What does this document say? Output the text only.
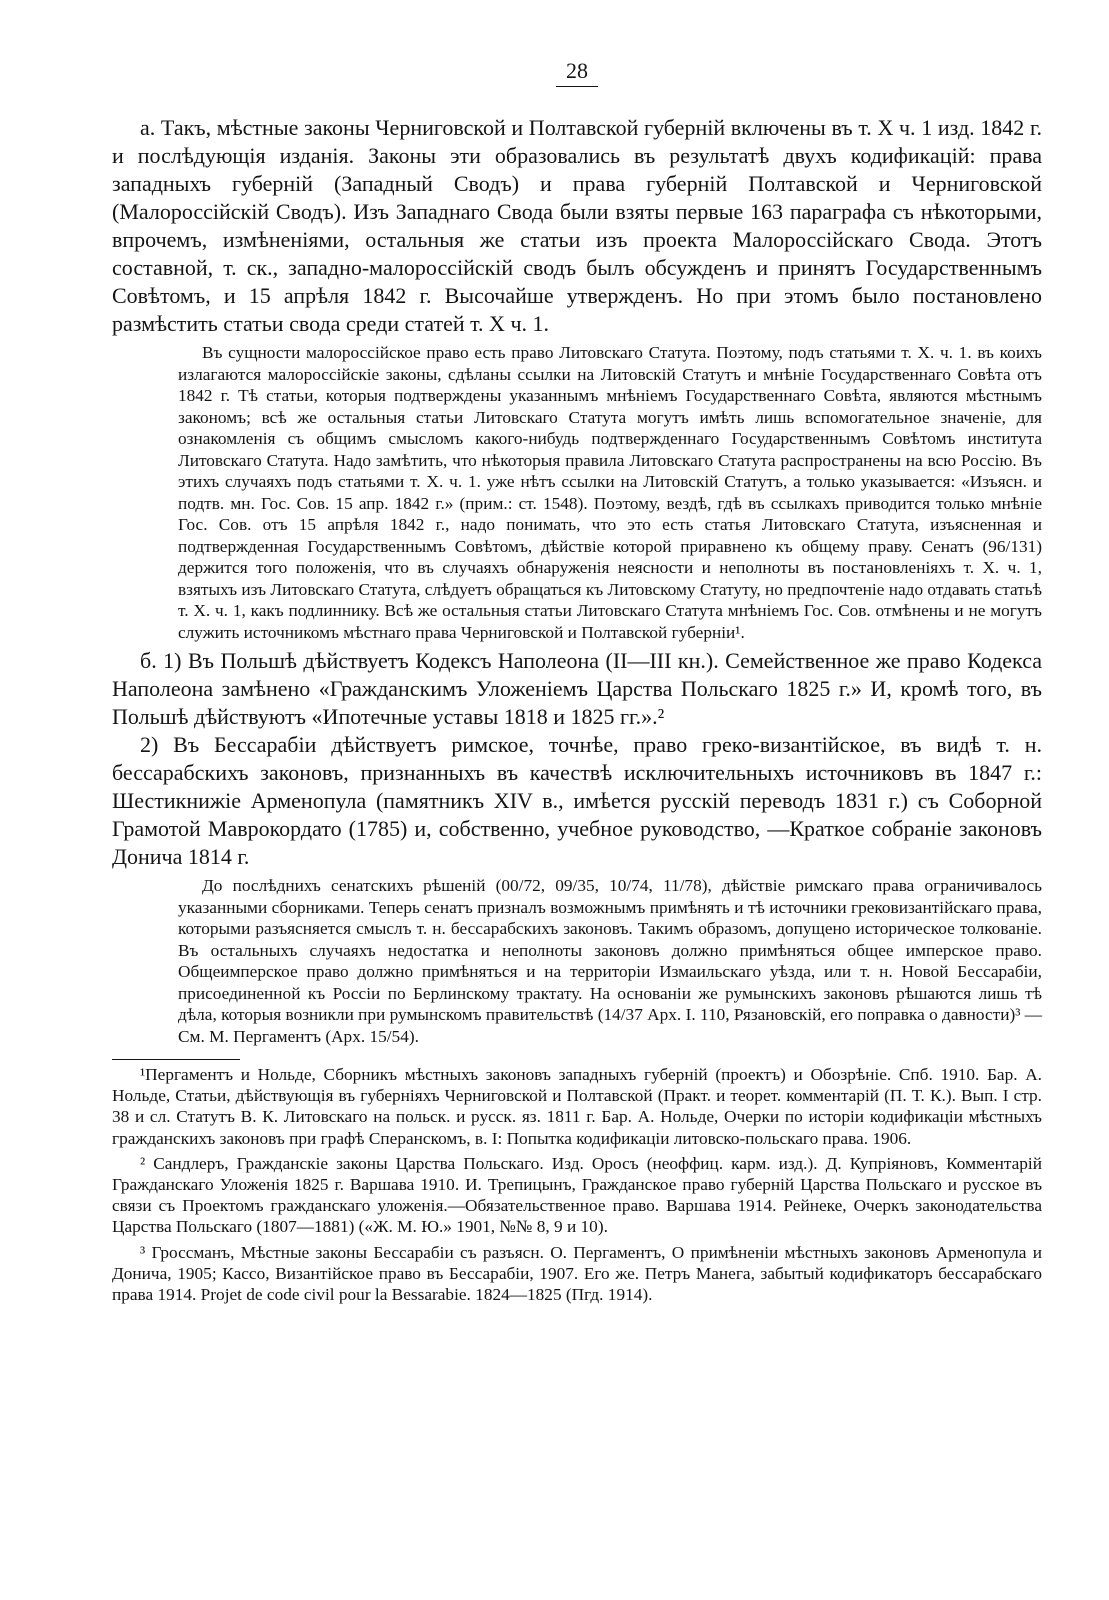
28

а. Такъ, мѣстные законы Черниговской и Полтавской губерній включены въ т. X ч. 1 изд. 1842 г. и послѣдующія изданія. Законы эти образовались въ результатѣ двухъ кодификацій: права западныхъ губерній (Западный Сводъ) и права губерній Полтавской и Черниговской (Малороссійскій Сводъ). Изъ Западнаго Свода были взяты первые 163 параграфа съ нѣкоторыми, впрочемъ, измѣненіями, остальныя же статьи изъ проекта Малороссійскаго Свода. Этотъ составной, т. ск., западно-малороссійскій сводъ былъ обсужденъ и принятъ Государственнымъ Совѣтомъ, и 15 апрѣля 1842 г. Высочайше утвержденъ. Но при этомъ было постановлено размѣстить статьи свода среди статей т. X ч. 1.

Въ сущности малороссійское право есть право Литовскаго Статута. Поэтому, подъ статьями т. X. ч. 1. въ коихъ излагаются малороссійскіе законы, сдѣланы ссылки на Литовскій Статутъ и мнѣніе Государственнаго Совѣта отъ 1842 г. Тѣ статьи, которыя подтверждены указаннымъ мнѣніемъ Государственнаго Совѣта, являются мѣстнымъ закономъ; всѣ же остальныя статьи Литовскаго Статута могутъ имѣть лишь вспомогательное значеніе, для ознакомленія съ общимъ смысломъ какого-нибудь подтвержденнаго Государственнымъ Совѣтомъ института Литовскаго Статута. Надо замѣтить, что нѣкоторыя правила Литовскаго Статута распространены на всю Россію. Въ этихъ случаяхъ подъ статьями т. X. ч. 1. уже нѣтъ ссылки на Литовскій Статутъ, а только указывается: «Изъясн. и подтв. мн. Гос. Сов. 15 апр. 1842 г.» (прим.: ст. 1548). Поэтому, вездѣ, гдѣ въ ссылкахъ приводится только мнѣніе Гос. Сов. отъ 15 апрѣля 1842 г., надо понимать, что это есть статья Литовскаго Статута, изъясненная и подтвержденная Государственнымъ Совѣтомъ, дѣйствіе которой приравнено къ общему праву. Сенатъ (96/131) держится того положенія, что въ случаяхъ обнаруженія неясности и неполноты въ постановленіяхъ т. X. ч. 1, взятыхъ изъ Литовскаго Статута, слѣдуетъ обращаться къ Литовскому Статуту, но предпочтеніе надо отдавать статьѣ т. X. ч. 1, какъ подлиннику. Всѣ же остальныя статьи Литовскаго Статута мнѣніемъ Гос. Сов. отмѣнены и не могутъ служить источникомъ мѣстнаго права Черниговской и Полтавской губерніи¹.

б. 1) Въ Польшѣ дѣйствуетъ Кодексъ Наполеона (II—III кн.). Семейственное же право Кодекса Наполеона замѣнено «Гражданскимъ Уложеніемъ Царства Польскаго 1825 г.» И, кромѣ того, въ Польшѣ дѣйствуютъ «Ипотечные уставы 1818 и 1825 гг.».²

2) Въ Бессарабіи дѣйствуетъ римское, точнѣе, право греко-византійское, въ видѣ т. н. бессарабскихъ законовъ, признанныхъ въ качествѣ исключительныхъ источниковъ въ 1847 г.: Шестикнижіе Арменопула (памятникъ XIV в., имѣется русскій переводъ 1831 г.) съ Соборной Грамотой Маврокордато (1785) и, собственно, учебное руководство, —Краткое собраніе законовъ Донича 1814 г.

До послѣднихъ сенатскихъ рѣшеній (00/72, 09/35, 10/74, 11/78), дѣйствіе римскаго права ограничивалось указанными сборниками. Теперь сенатъ призналъ возможнымъ примѣнять и тѣ источники грековизантійскаго права, которыми разъясняется смыслъ т. н. бессарабскихъ законовъ. Такимъ образомъ, допущено историческое толкованіе. Въ остальныхъ случаяхъ недостатка и неполноты законовъ должно примѣняться общее имперское право. Общеимперское право должно примѣняться и на территоріи Измаильскаго уѣзда, или т. н. Новой Бессарабіи, присоединенной къ Россіи по Берлинскому трактату. На основаніи же румынскихъ законовъ рѣшаются лишь тѣ дѣла, которыя возникли при румынскомъ правительствѣ (14/37 Арх. I. 110, Рязановскій, его поправка о давности)³ —См. М. Пергаментъ (Арх. 15/54).

¹Пергаментъ и Нольде, Сборникъ мѣстныхъ законовъ западныхъ губерній (проектъ) и Обозрѣніе. Спб. 1910. Бар. А. Нольде, Статьи, дѣйствующія въ губерніяхъ Черниговской и Полтавской (Практ. и теорет. комментарій (П. Т. К.). Вып. I стр. 38 и сл. Статутъ В. К. Литовскаго на польск. и русск. яз. 1811 г. Бар. А. Нольде, Очерки по исторіи кодификаціи мѣстныхъ гражданскихъ законовъ при графѣ Сперанскомъ, в. I: Попытка кодификаціи литовско-польскаго права. 1906.

² Сандлеръ, Гражданскіе законы Царства Польскаго. Изд. Оросъ (неоффиц. карм. изд.). Д. Купріяновъ, Комментарій Гражданскаго Уложенія 1825 г. Варшава 1910. И. Трепицынъ, Гражданское право губерній Царства Польскаго и русское въ связи съ Проектомъ гражданскаго уложенія.—Обязательственное право. Варшава 1914. Рейнеке, Очеркъ законодательства Царства Польскаго (1807—1881) («Ж. М. Ю.» 1901, №№ 8, 9 и 10).

³ Гроссманъ, Мѣстные законы Бессарабіи съ разъясн. О. Пергаментъ, О примѣненіи мѣстныхъ законовъ Арменопула и Донича, 1905; Кассо, Византійское право въ Бессарабіи, 1907. Его же. Петръ Манега, забытый кодификаторъ бессарабскаго права 1914. Projet de code civil pour la Bessarabie. 1824—1825 (Пгд. 1914).
